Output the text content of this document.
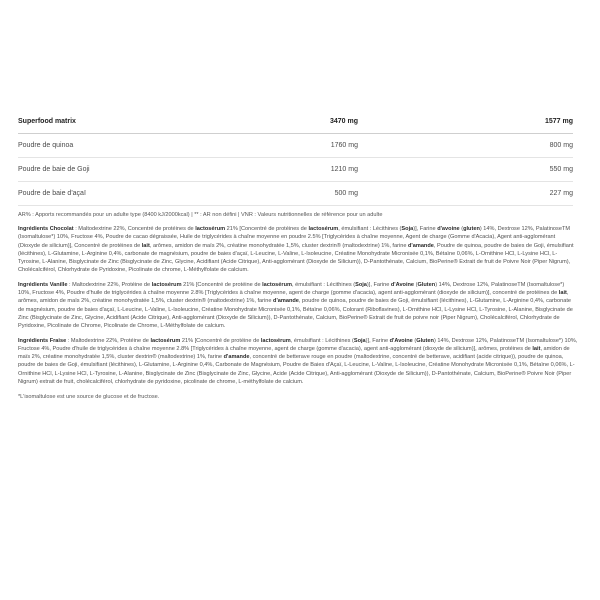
Superfood matrix	3470 mg	1577 mg
Poudre de quinoa	1760 mg	800 mg
Poudre de baie de Goji	1210 mg	550 mg
Poudre de baie d'açaï	500 mg	227 mg
AR% : Apports recommandés pour un adulte type (8400 kJ/2000kcal) | ** : AR non défini | VNR : Valeurs nutritionnelles de référence pour un adulte

Ingrédients Chocolat : Maltodextrine 22%, Concentré de protéines de lactosérum 21% [Concentré de protéines de lactosérum, émulsifiant : Lécithines (Soja)], Farine d'avoine (gluten) 14%, Dextrose 12%, PalatinoseTM (Isomaltulose*) 10%, Fructose 4%, Poudre de cacao dégraissée, Huile de triglycérides à chaîne moyenne en poudre 2.5% [Triglycérides à chaîne moyenne, Agent de charge (Gomme d'Acacia), Agent anti-agglomérant (Dioxyde de silicium)], Concentré de protéines de lait, arômes, amidon de maïs 2%, créatine monohydratée 1,5%, cluster dextrin® (maltodextrine) 1%, farine d'amande, Poudre de quinoa, poudre de baies de Goji, émulsifiant (lécithines), L-Glutamine, L-Arginine 0,4%, carbonate de magnésium, poudre de baies d'açaï, L-Leucine, L-Valine, L-Isoleucine, Créatine Monohydrate Micronisée 0,1%, Bétaïne 0,06%, L-Ornithine HCl, L-Lysine HCl, L-Tyrosine, L-Alanine, Bisglycinate de Zinc (Bisglycinate de Zinc, Glycine, Acidifiant (Acide Citrique), Anti-agglomérant (Dioxyde de Silicium)), D-Pantothénate, Calcium, BioPerine® Extrait de fruit de Poivre Noir (Piper Nigrum), Cholécalciférol, Chlorhydrate de Pyridoxine, Picolinate de chrome, L-Méthylfolate de calcium.

Ingrédients Vanille : Maltodextrine 22%, Protéine de lactosérum 21% [Concentré de protéine de lactosérum, émulsifiant : Lécithines (Soja)], Farine d'Avoine (Gluten) 14%, Dextrose 12%, PalatinoseTM (Isomaltulose*) 10%, Fructose 4%, Poudre d'huile de triglycérides à chaîne moyenne 2.8% [Triglycérides à chaîne moyenne, agent de charge (gomme d'acacia), agent anti-agglomérant (dioxyde de silicium)], concentré de protéines de lait, arômes, amidon de maïs 2%, créatine monohydratée 1,5%, cluster dextrin® (maltodextrine) 1%, farine d'amande, poudre de quinoa, poudre de baies de Goji, émulsifiant (lécithines), L-Glutamine, L-Arginine 0,4%, carbonate de magnésium, poudre de baies d'açaï, L-Leucine, L-Valine, L-Isoleucine, Créatine Monohydrate Micronisée 0,1%, Bétaïne 0,06%, Colorant (Riboflavines), L-Ornithine HCl, L-Lysine HCl, L-Tyrosine, L-Alanine, Bisglycinate de Zinc (Bisglycinate de Zinc, Glycine, Acidifiant (Acide Citrique), Anti-agglomérant (Dioxyde de Silicium)), D-Pantothénate, Calcium, BioPerine® Extrait de fruit de poivre noir (Piper Nigrum), Cholécalciférol, Chlorhydrate de Pyridoxine, Picolinate de Chrome, Picolinate de Chrome, L-Méthylfolate de calcium.

Ingrédients Fraise : Maltodextrine 22%, Protéine de lactosérum 21% [Concentré de protéine de lactosérum, émulsifiant : Lécithines (Soja)], Farine d'Avoine (Gluten) 14%, Dextrose 12%, PalatinoseTM (Isomaltulose*) 10%, Fructose 4%, Poudre d'huile de triglycérides à chaîne moyenne 2.8% [Triglycérides à chaîne moyenne, agent de charge (gomme d'acacia), agent anti-agglomérant (dioxyde de silicium)], arômes, protéines de lait, amidon de maïs 2%, créatine monohydratée 1,5%, cluster dextrin® (maltodextrine) 1%, farine d'amande, concentré de betterave rouge en poudre (maltodextrine, concentré de betterave, acidifiant (acide citrique)), poudre de quinoa, poudre de baies de Goji, émulsifiant (lécithines), L-Glutamine, L-Arginine 0,4%, Carbonate de Magnésium, Poudre de Baies d'Açaï, L-Leucine, L-Valine, L-Isoleucine, Créatine Monohydrate Micronisée 0,1%, Bétaïne 0,06%, L-Ornithine HCl, L-Lysine HCl, L-Tyrosine, L-Alanine, Bisglycinate de Zinc (Bisglycinate de Zinc, Glycine, Acide (Acide Citrique), Anti-agglomérant (Dioxyde de Silicium)), D-Pantothénate, Calcium, BioPerine® Poivre Noir (Piper Nigrum) extrait de fruit, cholécalciférol, chlorhydrate de pyridoxine, picolinate de chrome, L-méthylfolate de calcium.

*L'isomaltulose est une source de glucose et de fructose.
